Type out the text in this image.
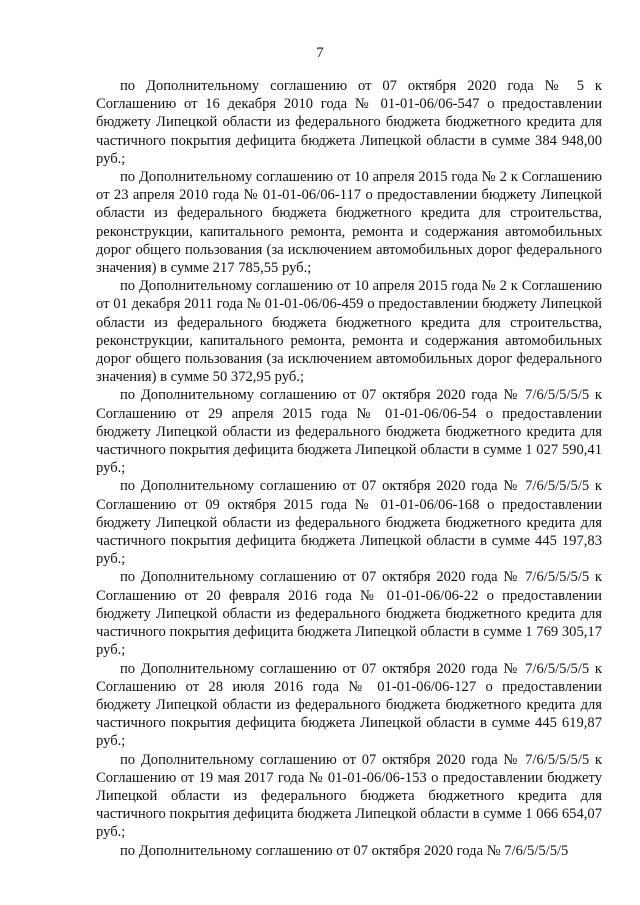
7

по Дополнительному соглашению от 07 октября 2020 года № 5 к Соглашению от 16 декабря 2010 года № 01-01-06/06-547 о предоставлении бюджету Липецкой области из федерального бюджета бюджетного кредита для частичного покрытия дефицита бюджета Липецкой области в сумме 384 948,00 руб.;

по Дополнительному соглашению от 10 апреля 2015 года № 2 к Соглашению от 23 апреля 2010 года № 01-01-06/06-117 о предоставлении бюджету Липецкой области из федерального бюджета бюджетного кредита для строительства, реконструкции, капитального ремонта, ремонта и содержания автомобильных дорог общего пользования (за исключением автомобильных дорог федерального значения) в сумме 217 785,55 руб.;

по Дополнительному соглашению от 10 апреля 2015 года № 2 к Соглашению от 01 декабря 2011 года № 01-01-06/06-459 о предоставлении бюджету Липецкой области из федерального бюджета бюджетного кредита для строительства, реконструкции, капитального ремонта, ремонта и содержания автомобильных дорог общего пользования (за исключением автомобильных дорог федерального значения) в сумме 50 372,95 руб.;

по Дополнительному соглашению от 07 октября 2020 года № 7/6/5/5/5/5 к Соглашению от 29 апреля 2015 года № 01-01-06/06-54 о предоставлении бюджету Липецкой области из федерального бюджета бюджетного кредита для частичного покрытия дефицита бюджета Липецкой области в сумме 1 027 590,41 руб.;

по Дополнительному соглашению от 07 октября 2020 года № 7/6/5/5/5/5 к Соглашению от 09 октября 2015 года № 01-01-06/06-168 о предоставлении бюджету Липецкой области из федерального бюджета бюджетного кредита для частичного покрытия дефицита бюджета Липецкой области в сумме 445 197,83 руб.;

по Дополнительному соглашению от 07 октября 2020 года № 7/6/5/5/5/5 к Соглашению от 20 февраля 2016 года № 01-01-06/06-22 о предоставлении бюджету Липецкой области из федерального бюджета бюджетного кредита для частичного покрытия дефицита бюджета Липецкой области в сумме 1 769 305,17 руб.;

по Дополнительному соглашению от 07 октября 2020 года № 7/6/5/5/5/5 к Соглашению от 28 июля 2016 года № 01-01-06/06-127 о предоставлении бюджету Липецкой области из федерального бюджета бюджетного кредита для частичного покрытия дефицита бюджета Липецкой области в сумме 445 619,87 руб.;

по Дополнительному соглашению от 07 октября 2020 года № 7/6/5/5/5/5 к Соглашению от 19 мая 2017 года № 01-01-06/06-153 о предоставлении бюджету Липецкой области из федерального бюджета бюджетного кредита для частичного покрытия дефицита бюджета Липецкой области в сумме 1 066 654,07 руб.;

по Дополнительному соглашению от 07 октября 2020 года № 7/6/5/5/5/5
